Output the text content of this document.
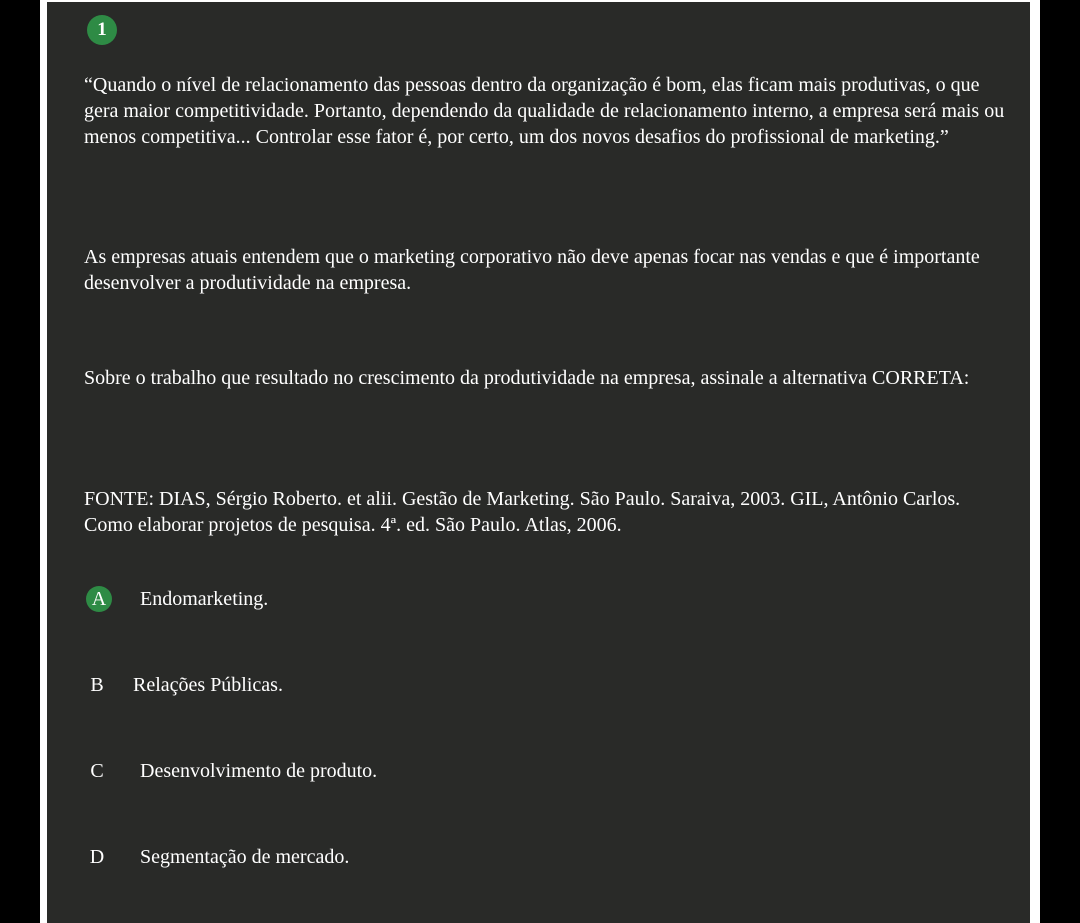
1

“Quando o nível de relacionamento das pessoas dentro da organização é bom, elas ficam mais produtivas, o que gera maior competitividade. Portanto, dependendo da qualidade de relacionamento interno, a empresa será mais ou menos competitiva... Controlar esse fator é, por certo, um dos novos desafios do profissional de marketing.”

As empresas atuais entendem que o marketing corporativo não deve apenas focar nas vendas e que é importante desenvolver a produtividade na empresa.

Sobre o trabalho que resultado no crescimento da produtividade na empresa, assinale a alternativa CORRETA:

FONTE: DIAS, Sérgio Roberto. et alii. Gestão de Marketing. São Paulo. Saraiva, 2003. GIL, Antônio Carlos. Como elaborar projetos de pesquisa. 4ª. ed. São Paulo. Atlas, 2006.

A Endomarketing.
B	Relações Públicas.
C	Desenvolvimento de produto.
D Segmentação de mercado.
